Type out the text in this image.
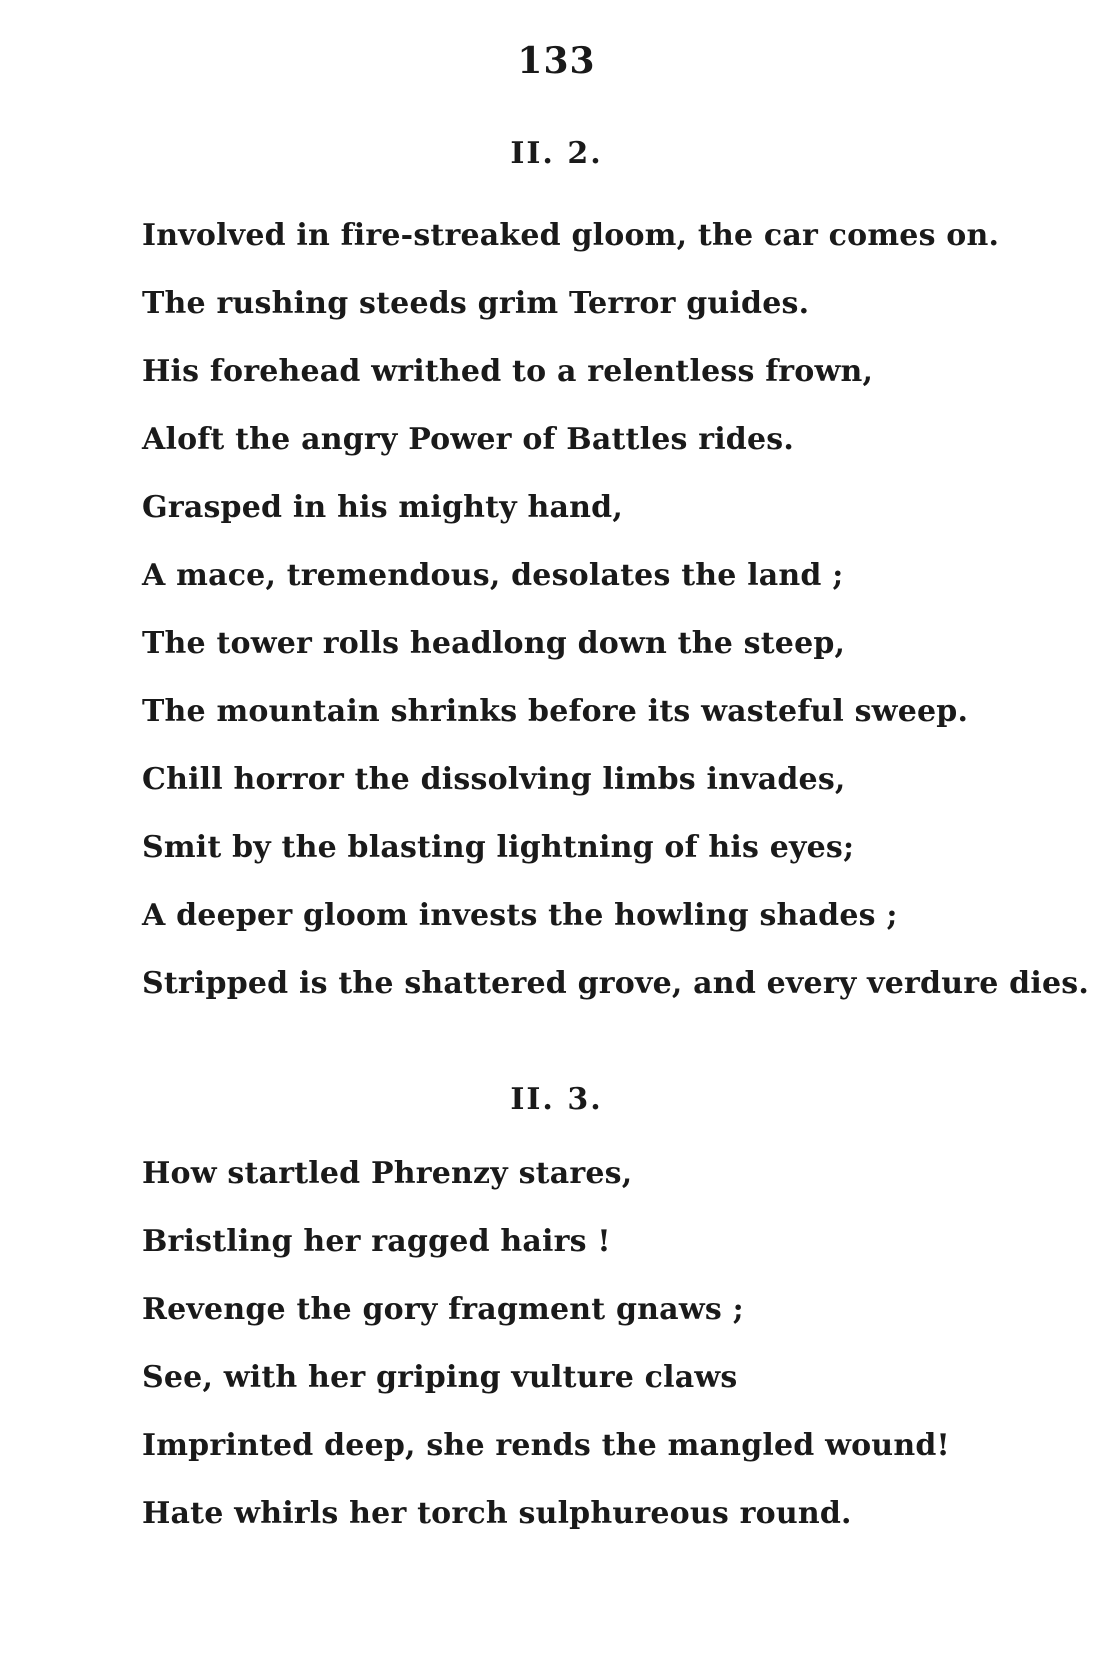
133
II. 2.
Involved in fire-streaked gloom, the car comes on.
The rushing steeds grim Terror guides.
His forehead writhed to a relentless frown,
Aloft the angry Power of Battles rides.
Grasped in his mighty hand,
A mace, tremendous, desolates the land ;
The tower rolls headlong down the steep,
The mountain shrinks before its wasteful sweep.
Chill horror the dissolving limbs invades,
Smit by the blasting lightning of his eyes;
A deeper gloom invests the howling shades ;
Stripped is the shattered grove, and every verdure dies.
II. 3.
How startled Phrenzy stares,
Bristling her ragged hairs !
Revenge the gory fragment gnaws ;
See, with her griping vulture claws
Imprinted deep, she rends the mangled wound!
Hate whirls her torch sulphureous round.
